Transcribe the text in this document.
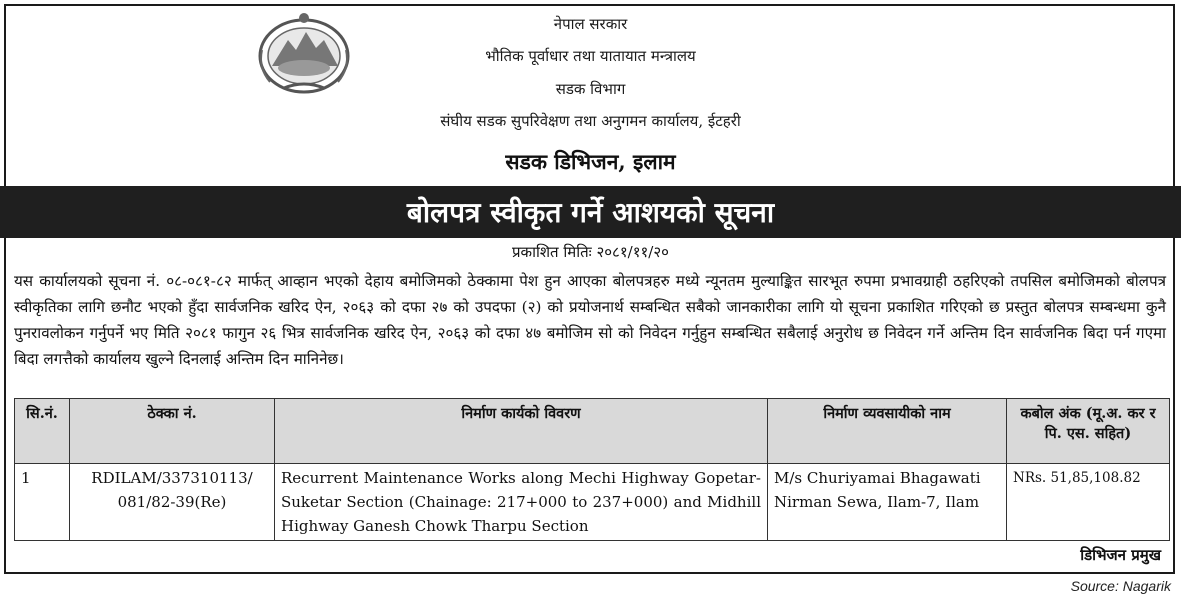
नेपाल सरकार
भौतिक पूर्वाधार तथा यातायात मन्त्रालय
सडक विभाग
संघीय सडक सुपरिवेक्षण तथा अनुगमन कार्यालय, ईटहरी
सडक डिभिजन, इलाम
बोलपत्र स्वीकृत गर्ने आशयको सूचना
प्रकाशित मितिः २०८१/११/२०
यस कार्यालयको सूचना नं. ०८-०८१-८२ मार्फत् आव्हान भएको देहाय बमोजिमको ठेक्कामा पेश हुन आएका बोलपत्रहरु मध्ये न्यूनतम मुल्याङ्कित सारभूत रुपमा प्रभावग्राही ठहरिएको तपसिल बमोजिमको बोलपत्र स्वीकृतिका लागि छनौट भएको हुँदा सार्वजनिक खरिद ऐन, २०६३ को दफा २७ को उपदफा (२) को प्रयोजनार्थ सम्बन्धित सबैको जानकारीका लागि यो सूचना प्रकाशित गरिएको छ प्रस्तुत बोलपत्र सम्बन्धमा कुनै पुनरावलोकन गर्नुपर्ने भए मिति २०८१ फागुन २६ भित्र सार्वजनिक खरिद ऐन, २०६३ को दफा ४७ बमोजिम सो को निवेदन गर्नुहुन सम्बन्धित सबैलाई अनुरोध छ निवेदन गर्ने अन्तिम दिन सार्वजनिक बिदा पर्न गएमा बिदा लगत्तैको कार्यालय खुल्ने दिनलाई अन्तिम दिन मानिनेछ।
सि.नं.	ठेक्का नं.	निर्माण कार्यको विवरण	निर्माण व्यवसायीको नाम	कबोल अंक (मू.अ. कर र पि. एस. सहित)
1	RDILAM/337310113/ 081/82-39(Re)	Recurrent Maintenance Works along Mechi Highway Gopetar-Suketar Section (Chainage: 217+000 to 237+000) and Midhill Highway Ganesh Chowk Tharpu Section	M/s Churiyamai Bhagawati Nirman Sewa, Ilam-7, Ilam	NRs. 51,85,108.82
डिभिजन प्रमुख
Source: Nagarik
